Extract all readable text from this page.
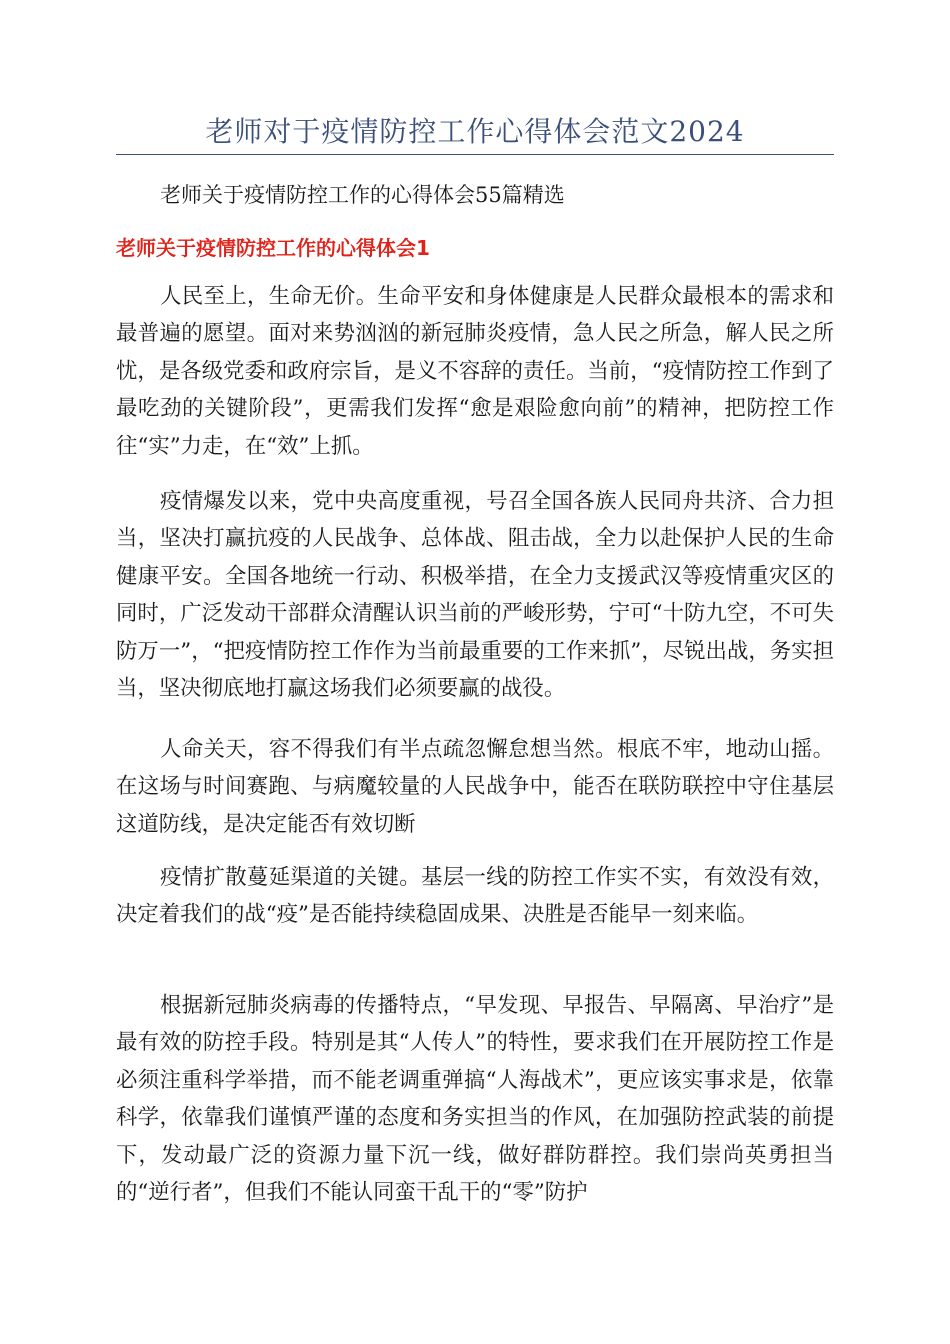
老师对于疫情防控工作心得体会范文2024

老师关于疫情防控工作的心得体会55篇精选

老师关于疫情防控工作的心得体会1

人民至上，生命无价。生命平安和身体健康是人民群众最根本的需求和最普遍的愿望。面对来势汹汹的新冠肺炎疫情，急人民之所急，解人民之所忧，是各级党委和政府宗旨，是义不容辞的责任。当前，“疫情防控工作到了最吃劲的关键阶段”，更需我们发挥“愈是艰险愈向前”的精神，把防控工作往“实”力走，在“效”上抓。

疫情爆发以来，党中央高度重视，号召全国各族人民同舟共济、合力担当，坚决打赢抗疫的人民战争、总体战、阻击战，全力以赴保护人民的生命健康平安。全国各地统一行动、积极举措，在全力支援武汉等疫情重灾区的同时，广泛发动干部群众清醒认识当前的严峻形势，宁可“十防九空，不可失防万一”，“把疫情防控工作作为当前最重要的工作来抓”，尽锐出战，务实担当，坚决彻底地打赢这场我们必须要赢的战役。

人命关天，容不得我们有半点疏忽懈怠想当然。根底不牢，地动山摇。在这场与时间赛跑、与病魔较量的人民战争中，能否在联防联控中守住基层这道防线，是决定能否有效切断

疫情扩散蔓延渠道的关键。基层一线的防控工作实不实，有效没有效，决定着我们的战“疫”是否能持续稳固成果、决胜是否能早一刻来临。

根据新冠肺炎病毒的传播特点，“早发现、早报告、早隔离、早治疗”是最有效的防控手段。特别是其“人传人”的特性，要求我们在开展防控工作是必须注重科学举措，而不能老调重弹搞“人海战术”，更应该实事求是，依靠科学，依靠我们谨慎严谨的态度和务实担当的作风，在加强防控武装的前提下，发动最广泛的资源力量下沉一线，做好群防群控。我们崇尚英勇担当的“逆行者”，但我们不能认同蛮干乱干的“零”防护
